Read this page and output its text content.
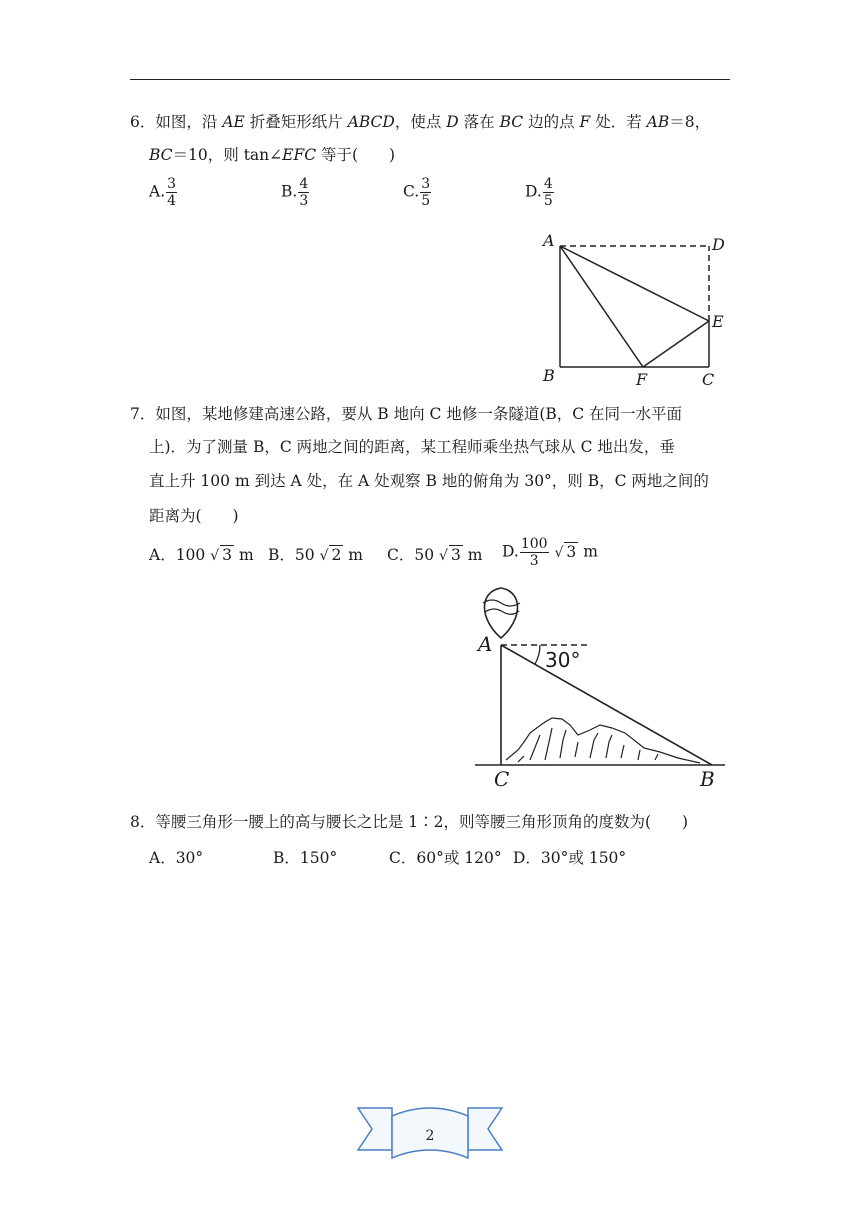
6．如图，沿 AE 折叠矩形纸片 ABCD，使点 D 落在 BC 边的点 F 处．若 AB＝8，
BC＝10，则 tan∠EFC 等于(　　)
A. $\frac{3}{4}$	B. $\frac{4}{3}$	C. $\frac{3}{5}$	D. $\frac{4}{5}$
A	D
E
B	F	C
7．如图，某地修建高速公路，要从 B 地向 C 地修一条隧道(B，C 在同一水平面
上)．为了测量 B，C 两地之间的距离，某工程师乘坐热气球从 C 地出发，垂
直上升 100 m 到达 A 处，在 A 处观察 B 地的俯角为 30°，则 B，C 两地之间的
距离为(　　)
A．100 √ 3 m B．50 √ 2 m C．50 √ 3 m D. $\frac{100}{3}$ √ 3 m
A
30°
C	B
8．等腰三角形一腰上的高与腰长之比是 1∶2，则等腰三角形顶角的度数为(　　)
A．30°	B．150°	C．60°或 120° D．30°或 150°
2
